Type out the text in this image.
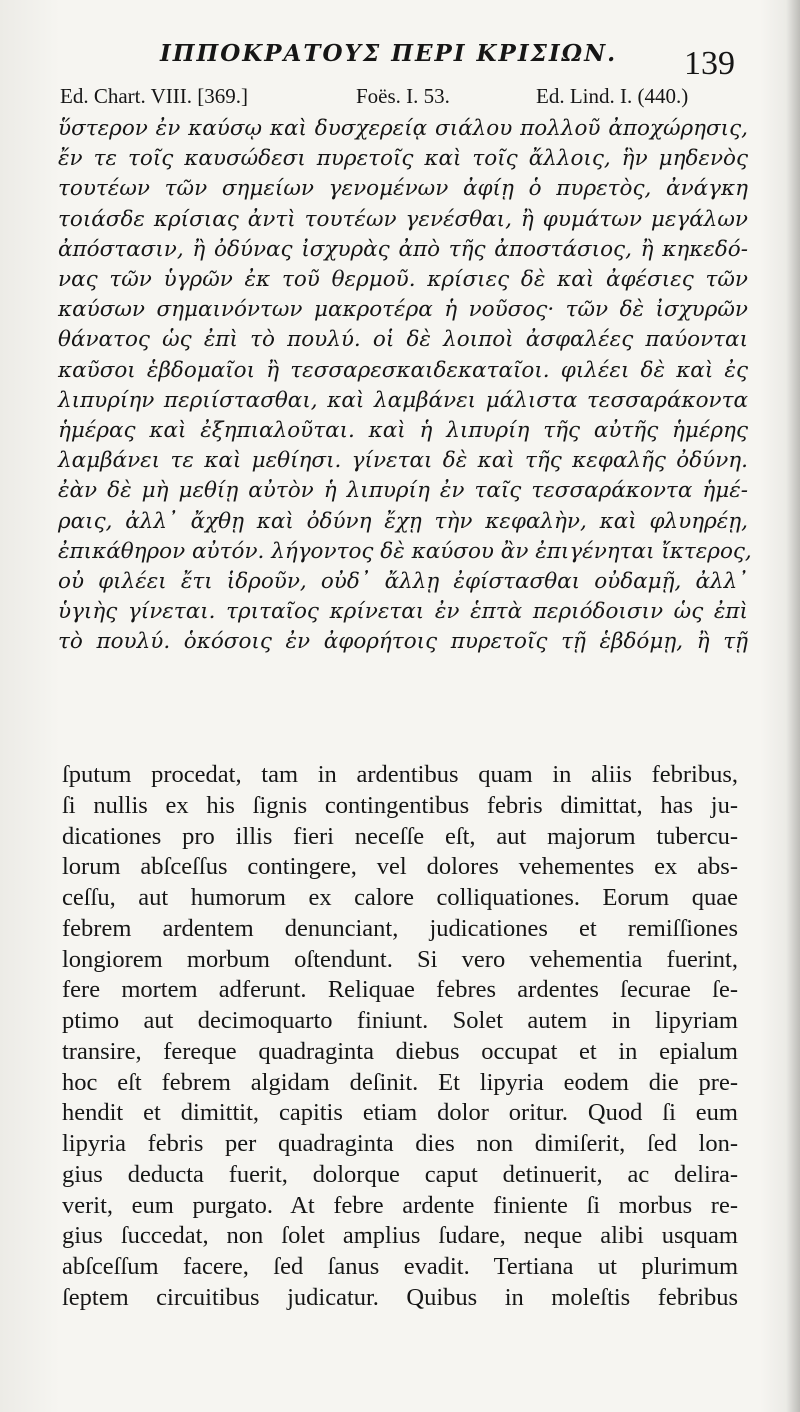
ΙΠΠΟΚΡΑΤΟΥΣ ΠΕΡΙ ΚΡΙΣΙΩΝ.	139
Ed. Chart. VIII. [369.]	Foës. I. 53.	Ed. Lind. I. (440.)
ὕστερον ἐν καύσῳ καὶ δυσχερείᾳ σιάλου πολλοῦ ἀποχώρησις,
ἔν τε τοῖς καυσώδεσι πυρετοῖς καὶ τοῖς ἄλλοις, ἣν μηδενὸς
τουτέων τῶν σημείων γενομένων ἀφίῃ ὁ πυρετὸς, ἀνάγκη
τοιάσδε κρίσιας ἀντὶ τουτέων γενέσθαι, ἢ φυμάτων μεγάλων
ἀπόστασιν, ἢ ὀδύνας ἰσχυρὰς ἀπὸ τῆς ἀποστάσιος, ἢ κηκεδό-
νας τῶν ὑγρῶν ἐκ τοῦ θερμοῦ. κρίσιες δὲ καὶ ἀφέσιες τῶν
καύσων σημαινόντων μακροτέρα ἡ νοῦσος· τῶν δὲ ἰσχυρῶν
θάνατος ὡς ἐπὶ τὸ πουλύ. οἱ δὲ λοιποὶ ἀσφαλέες παύονται
καῦσοι ἑβδομαῖοι ἢ τεσσαρεσκαιδεκαταῖοι. φιλέει δὲ καὶ ἐς
λιπυρίην περιίστασθαι, καὶ λαμβάνει μάλιστα τεσσαράκοντα
ἡμέρας καὶ ἐξηπιαλοῦται. καὶ ἡ λιπυρίη τῆς αὐτῆς ἡμέρης
λαμβάνει τε καὶ μεθίησι. γίνεται δὲ καὶ τῆς κεφαλῆς ὀδύνη.
ἐὰν δὲ μὴ μεθίῃ αὐτὸν ἡ λιπυρίη ἐν ταῖς τεσσαράκοντα ἡμέ-
ραις, ἀλλ᾽ ἄχθῃ καὶ ὀδύνη ἔχῃ τὴν κεφαλὴν, καὶ φλυηρέῃ,
ἐπικάθηρον αὐτόν. λήγοντος δὲ καύσου ἂν ἐπιγένηται ἴκτερος,
οὐ φιλέει ἔτι ἱδροῦν, οὐδ᾽ ἄλλῃ ἐφίστασθαι οὐδαμῇ, ἀλλ᾽
ὑγιὴς γίνεται. τριταῖος κρίνεται ἐν ἑπτὰ περιόδοισιν ὡς ἐπὶ
τὸ πουλύ. ὁκόσοις ἐν ἀφορήτοις πυρετοῖς τῇ ἑβδόμῃ, ἢ τῇ
ſputum procedat, tam in ardentibus quam in aliis febribus,
ſi nullis ex his ſignis contingentibus febris dimittat, has ju-
dicationes pro illis fieri neceſſe eſt, aut majorum tubercu-
lorum abſceſſus contingere, vel dolores vehementes ex abs-
ceſſu, aut humorum ex calore colliquationes. Eorum quae
febrem ardentem denunciant, judicationes et remiſſiones
longiorem morbum oſtendunt. Si vero vehementia fuerint,
fere mortem adferunt. Reliquae febres ardentes ſecurae ſe-
ptimo aut decimoquarto finiunt. Solet autem in lipyriam
transire, fereque quadraginta diebus occupat et in epialum
hoc eſt febrem algidam deſinit. Et lipyria eodem die pre-
hendit et dimittit, capitis etiam dolor oritur. Quod ſi eum
lipyria febris per quadraginta dies non dimiſerit, ſed lon-
gius deducta fuerit, dolorque caput detinuerit, ac delira-
verit, eum purgato. At febre ardente finiente ſi morbus re-
gius ſuccedat, non ſolet amplius ſudare, neque alibi usquam
abſceſſum facere, ſed ſanus evadit. Tertiana ut plurimum
ſeptem circuitibus judicatur. Quibus in moleſtis febribus
